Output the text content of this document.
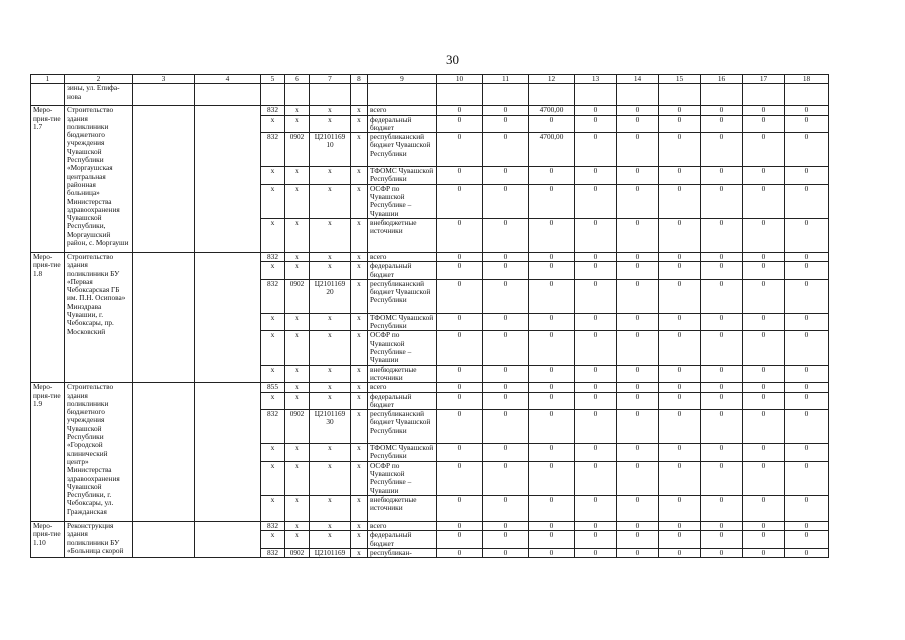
30
1	2	3	4	5	6	7	8	9	10	11	12	13	14	15	16	17	18
	зины, ул. Епифа-нова																
Меро-прия-тие 1.7	Строительство здания поликлиники бюджетного учреждения Чувашской Республики «Моргаушская центральная районная больница» Министерства здравоохранения Чувашской Республики, Моргаушский район, с. Моргауши			832	х	х	х	всего	0	0	4700,00	0	0	0	0	0	0
				х	х	х	х	федеральный бюджет	0	0	0	0	0	0	0	0	0
				832	0902	Ц2101169 10	х	республиканский бюджет Чувашской Республики	0	0	4700,00	0	0	0	0	0	0
				х	х	х	х	ТФОМС Чувашской Республики	0	0	0	0	0	0	0	0	0
				х	х	х	х	ОСФР по Чувашской Республике – Чувашии	0	0	0	0	0	0	0	0	0
				х	х	х	х	внебюджетные источники	0	0	0	0	0	0	0	0	0
Меро-прия-тие 1.8	Строительство здания поликлиники БУ «Первая Чебоксарская ГБ им. П.Н. Осипова» Минздрава Чувашии, г. Чебоксары, пр. Московский			832	х	х	х	всего	0	0	0	0	0	0	0	0	0
				х	х	х	х	федеральный бюджет	0	0	0	0	0	0	0	0	0
				832	0902	Ц2101169 20	х	республиканский бюджет Чувашской Республики	0	0	0	0	0	0	0	0	0
				х	х	х	х	ТФОМС Чувашской Республики	0	0	0	0	0	0	0	0	0
				х	х	х	х	ОСФР по Чувашской Республике – Чувашии	0	0	0	0	0	0	0	0	0
				х	х	х	х	внебюджетные источники	0	0	0	0	0	0	0	0	0
Меро-прия-тие 1.9	Строительство здания поликлиники бюджетного учреждения Чувашской Республики «Городской клинический центр» Министерства здравоохранения Чувашской Республики, г. Чебоксары, ул. Гражданская			855	х	х	х	всего	0	0	0	0	0	0	0	0	0
				х	х	х	х	федеральный бюджет	0	0	0	0	0	0	0	0	0
				832	0902	Ц2101169 30	х	республиканский бюджет Чувашской Республики	0	0	0	0	0	0	0	0	0
				х	х	х	х	ТФОМС Чувашской Республики	0	0	0	0	0	0	0	0	0
				х	х	х	х	ОСФР по Чувашской Республике – Чувашии	0	0	0	0	0	0	0	0	0
				х	х	х	х	внебюджетные источники	0	0	0	0	0	0	0	0	0
Меро-прия-тие 1.10	Реконструкция здания поликлиники БУ «Больница скорой			832	х	х	х	всего	0	0	0	0	0	0	0	0	0
				х	х	х	х	федеральный бюджет	0	0	0	0	0	0	0	0	0
				832	0902	Ц2101169	х	республикан-	0	0	0	0	0	0	0	0	0
